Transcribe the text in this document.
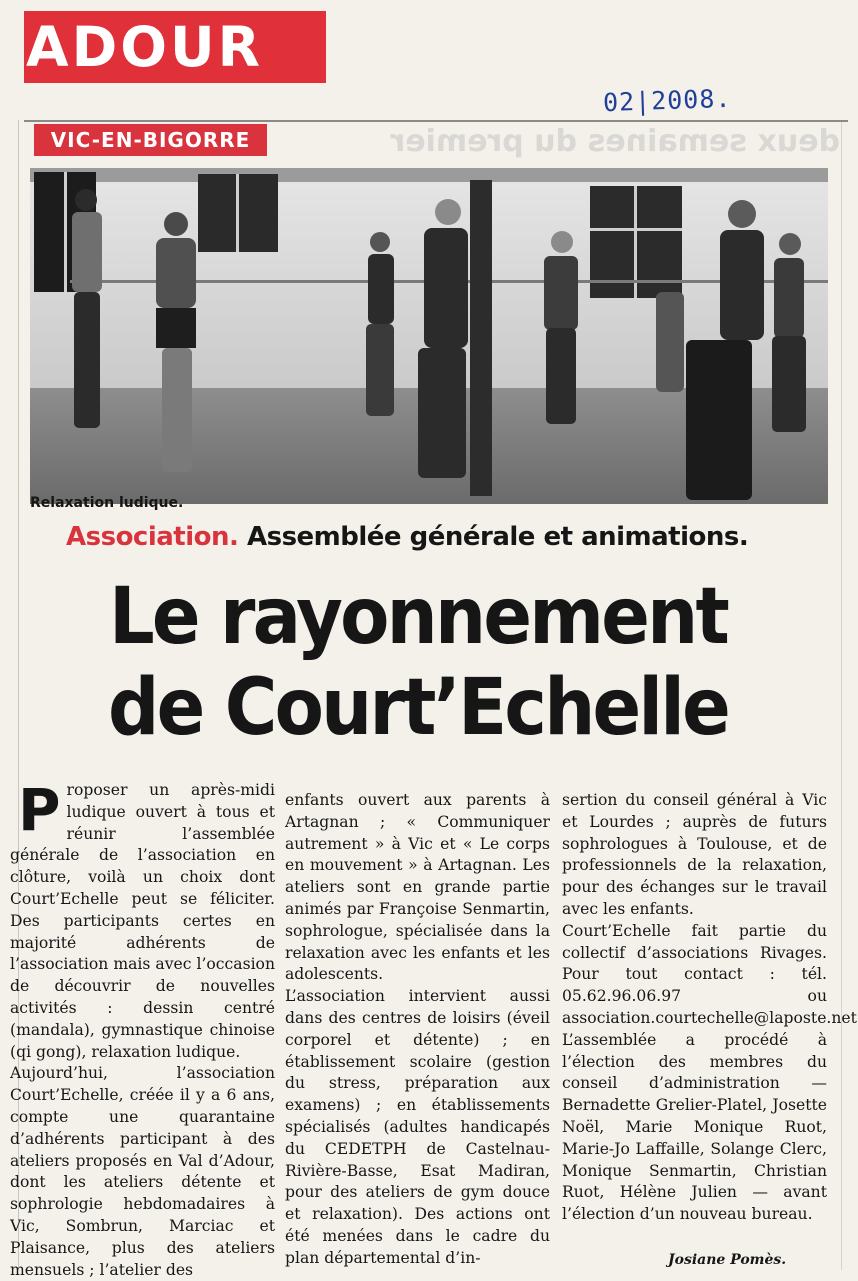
ADOUR
02|2008.
deux semaines du premier
VIC-EN-BIGORRE
Relaxation ludique.
Association. Assemblée générale et animations.
Le rayonnement
de Court’Echelle
P roposer un après-midi ludique ouvert à tous et réunir l’assemblée générale de l’association en clôture, voilà un choix dont Court’Echelle peut se féliciter. Des participants certes en majorité adhérents de l’association mais avec l’occasion de découvrir de nouvelles activités : dessin centré (mandala), gymnastique chinoise (qi gong), relaxation ludique.

Aujourd’hui, l’association Court’Echelle, créée il y a 6 ans, compte une quarantaine d’adhérents participant à des ateliers proposés en Val d’Adour, dont les ateliers détente et sophrologie hebdomadaires à Vic, Sombrun, Marciac et Plaisance, plus des ateliers mensuels ; l’atelier des

enfants ouvert aux parents à Artagnan ; « Communiquer autrement » à Vic et « Le corps en mouvement » à Artagnan. Les ateliers sont en grande partie animés par Françoise Senmartin, sophrologue, spécialisée dans la relaxation avec les enfants et les adolescents.

L’association intervient aussi dans des centres de loisirs (éveil corporel et détente) ; en établissement scolaire (gestion du stress, préparation aux examens) ; en établissements spécialisés (adultes handicapés du CEDETPH de Castelnau-Rivière-Basse, Esat Madiran, pour des ateliers de gym douce et relaxation). Des actions ont été menées dans le cadre du plan départemental d’in-

sertion du conseil général à Vic et Lourdes ; auprès de futurs sophrologues à Toulouse, et de professionnels de la relaxation, pour des échanges sur le travail avec les enfants.

Court’Echelle fait partie du collectif d’associations Rivages. Pour tout contact : tél. 05.62.96.06.97 ou association.courtechelle@laposte.net

L’assemblée a procédé à l’élection des membres du conseil d’administration — Bernadette Grelier-Platel, Josette Noël, Marie Monique Ruot, Marie-Jo Laffaille, Solange Clerc, Monique Senmartin, Christian Ruot, Hélène Julien — avant l’élection d’un nouveau bureau.

Josiane Pomès.
